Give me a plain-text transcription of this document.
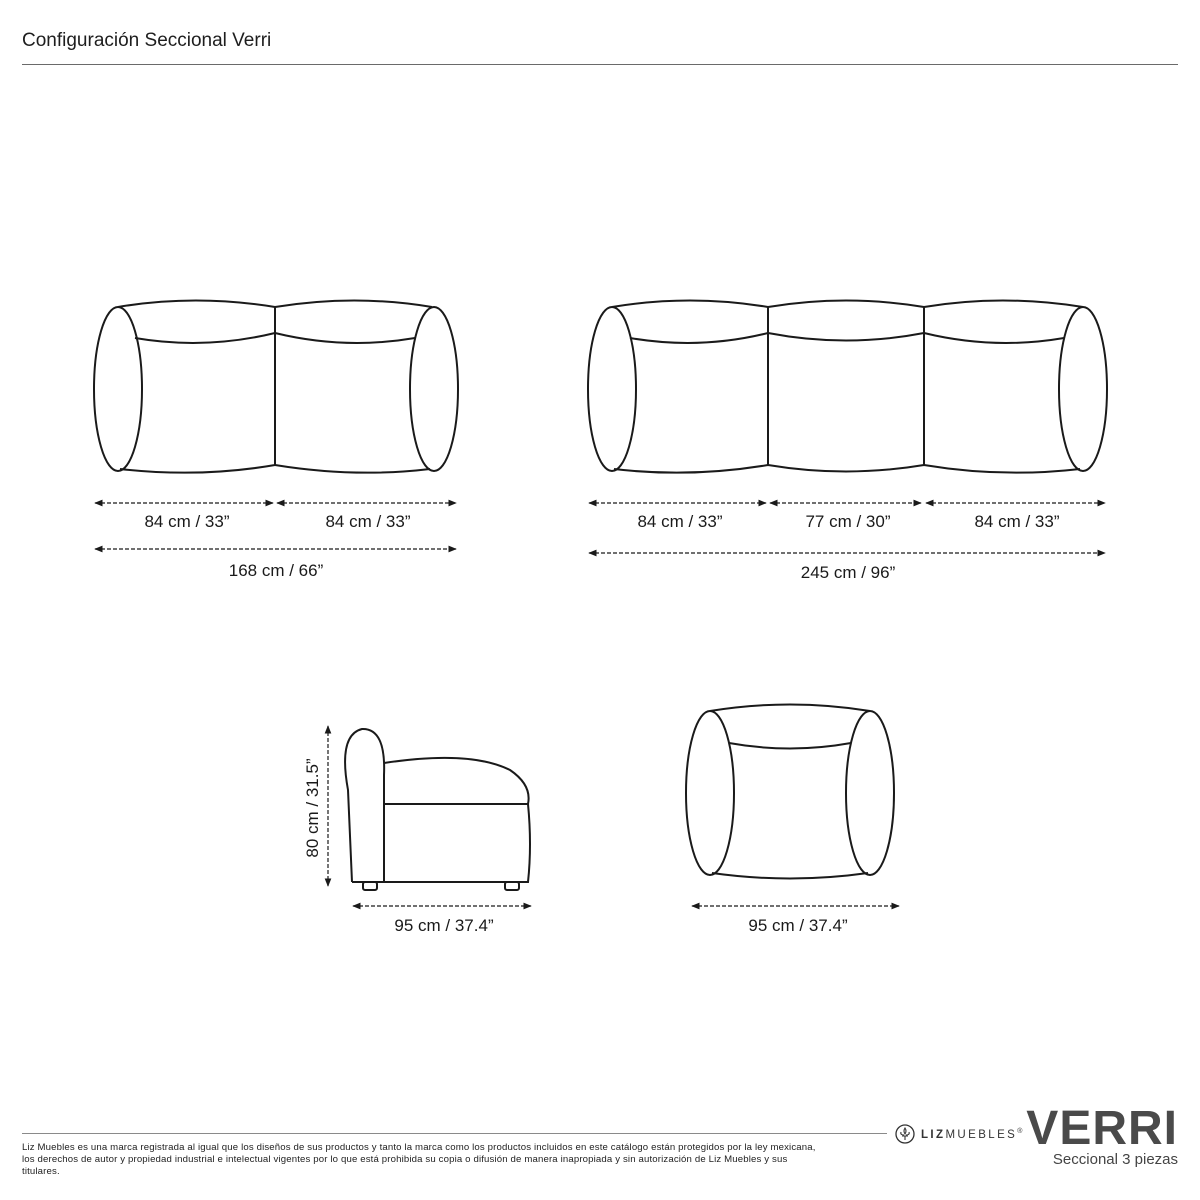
Configuración Seccional Verri
84 cm / 33”	84 cm / 33”
168 cm / 66”
84 cm / 33”	77 cm / 30”	84 cm / 33”
245 cm / 96”
80 cm / 31.5”
95 cm / 37.4”	95 cm / 37.4”
Liz Muebles es una marca registrada al igual que los diseños de sus productos y tanto la marca como los productos incluidos en este catálogo están protegidos por la ley mexicana, los derechos de autor y propiedad industrial e intelectual vigentes por lo que está prohibida su copia o difusión de manera inapropiada y sin autorización de Liz Muebles y sus titulares.
LIZMUEBLES® VERRI
Seccional 3 piezas
